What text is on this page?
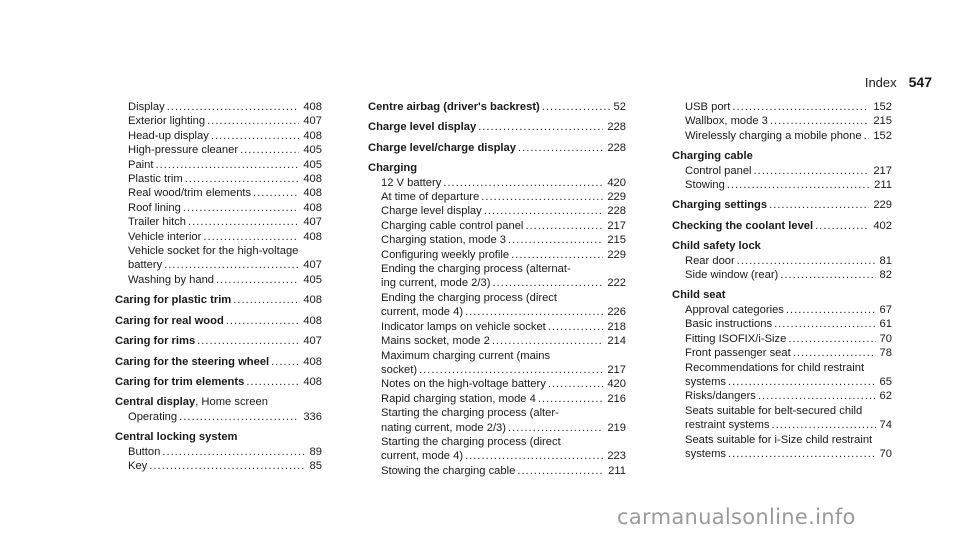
Index 547
Display .....	408
Exterior lighting .....	407
Head-up display .....	408
High-pressure cleaner .....	405
Paint .....	405
Plastic trim .....	408
Real wood/trim elements .....	408
Roof lining .....	408
Trailer hitch .....	407
Vehicle interior .....	408
Vehicle socket for the high-voltage
battery .....	407
Washing by hand .....	405
Caring for plastic trim .....	408
Caring for real wood .....	408
Caring for rims .....	407
Caring for the steering wheel .....	408
Caring for trim elements .....	408
Central display, Home screen
Operating .....	336
Central locking system
Button .....	89
Key .....	85
Centre airbag (driver's backrest) .....	52
Charge level display .....	228
Charge level/charge display .....	228
Charging
12 V battery .....	420
At time of departure .....	229
Charge level display .....	228
Charging cable control panel .....	217
Charging station, mode 3 .....	215
Configuring weekly profile .....	229
Ending the charging process (alternat-
ing current, mode 2/3) .....	222
Ending the charging process (direct
current, mode 4) .....	226
Indicator lamps on vehicle socket .....	218
Mains socket, mode 2 .....	214
Maximum charging current (mains
socket) .....	217
Notes on the high-voltage battery .....	420
Rapid charging station, mode 4 .....	216
Starting the charging process (alter-
nating current, mode 2/3) .....	219
Starting the charging process (direct
current, mode 4) .....	223
Stowing the charging cable .....	211
USB port .....	152
Wallbox, mode 3 .....	215
Wirelessly charging a mobile phone ..... 152
Charging cable
Control panel .....	217
Stowing .....	211
Charging settings .....	229
Checking the coolant level .....	402
Child safety lock
Rear door .....	81
Side window (rear) .....	82
Child seat
Approval categories .....	67
Basic instructions .....	61
Fitting ISOFIX/i-Size .....	70
Front passenger seat .....	78
Recommendations for child restraint
systems .....	65
Risks/dangers .....	62
Seats suitable for belt-secured child
restraint systems .....	74
Seats suitable for i-Size child restraint
systems .....	70
carmanualsonline.info
